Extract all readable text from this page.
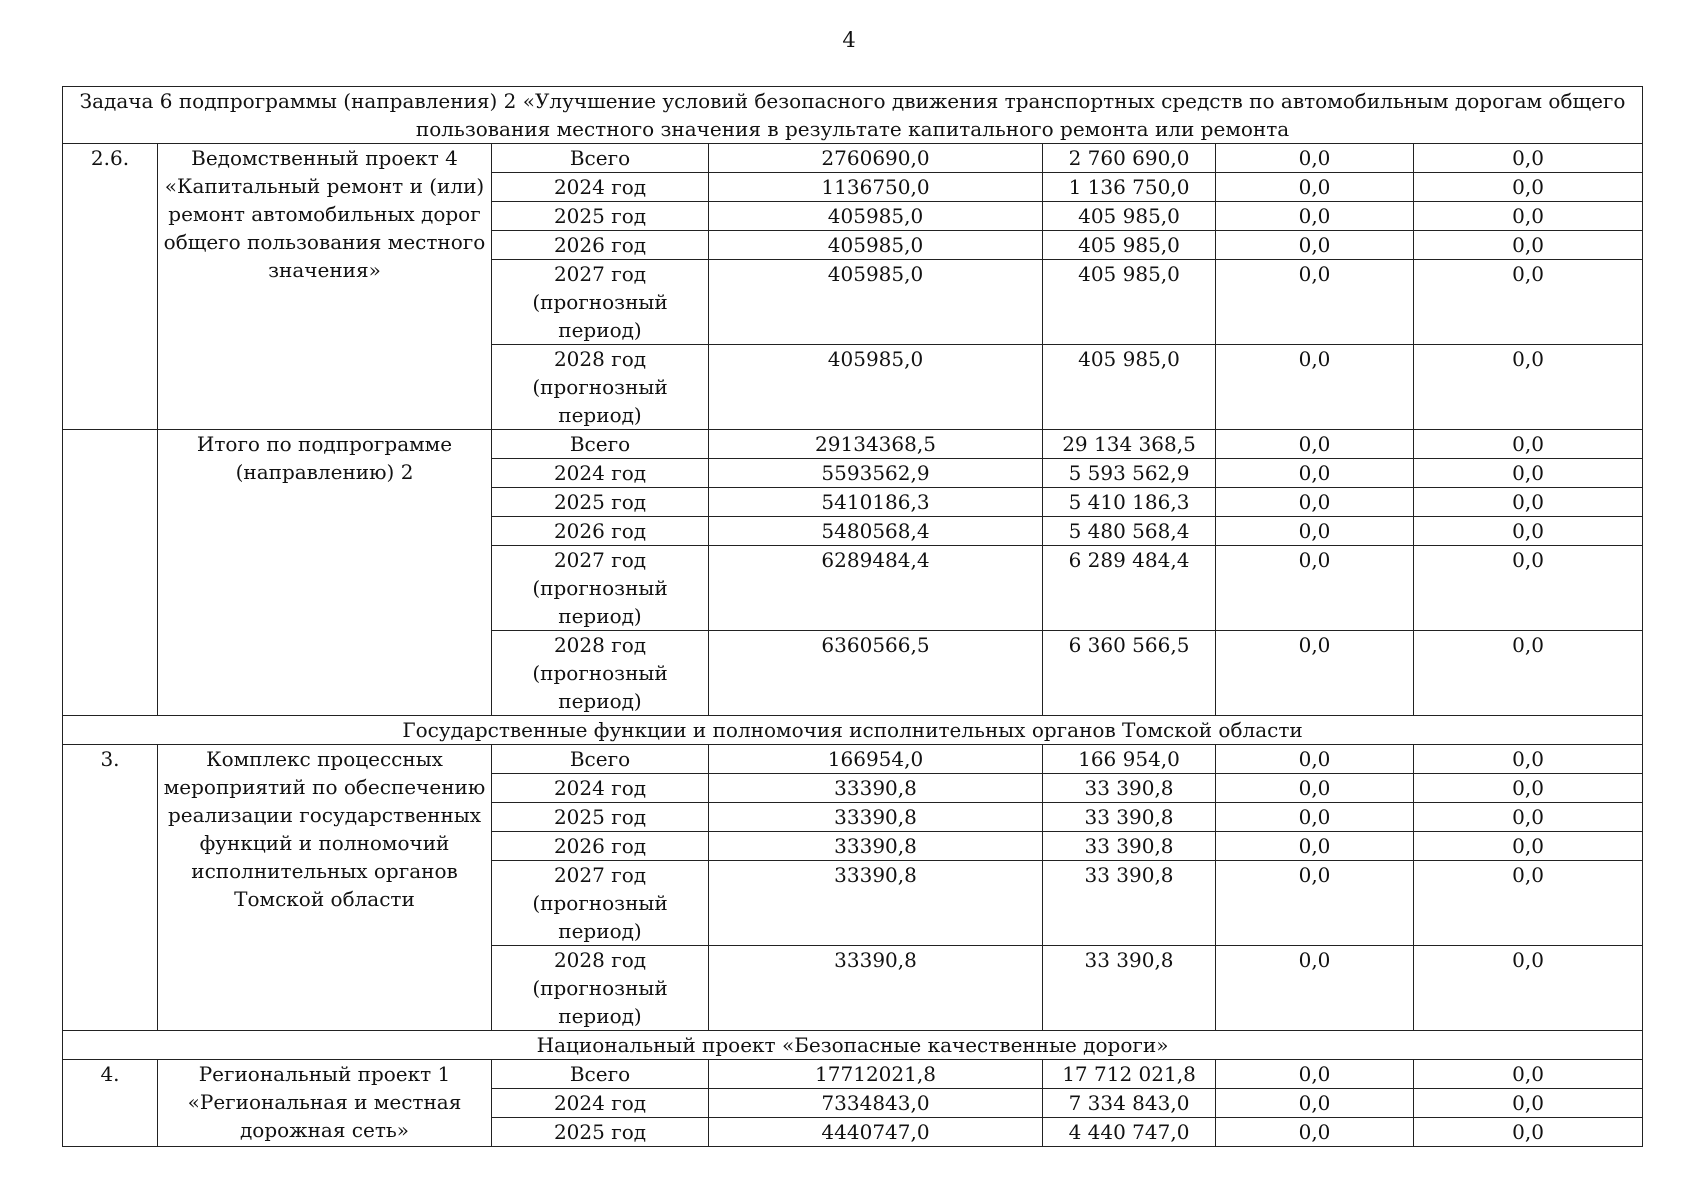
4
Задача 6 подпрограммы (направления) 2 «Улучшение условий безопасного движения транспортных средств по автомобильным дорогам общего пользования местного значения в результате капитального ремонта или ремонта						
2.6.	Ведомственный проект 4 «Капитальный ремонт и (или) ремонт автомобильных дорог общего пользования местного значения»	Всего	2760690,0	2 760 690,0	0,0	0,0
		2024 год	1136750,0	1 136 750,0	0,0	0,0
		2025 год	405985,0	405 985,0	0,0	0,0
		2026 год	405985,0	405 985,0	0,0	0,0
		2027 год
(прогнозный
период)	405985,0	405 985,0	0,0	0,0
		2028 год
(прогнозный
период)	405985,0	405 985,0	0,0	0,0
	Итого по подпрограмме (направлению) 2	Всего	29134368,5	29 134 368,5	0,0	0,0
		2024 год	5593562,9	5 593 562,9	0,0	0,0
		2025 год	5410186,3	5 410 186,3	0,0	0,0
		2026 год	5480568,4	5 480 568,4	0,0	0,0
		2027 год
(прогнозный
период)	6289484,4	6 289 484,4	0,0	0,0
		2028 год
(прогнозный
период)	6360566,5	6 360 566,5	0,0	0,0
Государственные функции и полномочия исполнительных органов Томской области						
3.	Комплекс процессных мероприятий по обеспечению реализации государственных функций и полномочий исполнительных органов Томской области	Всего	166954,0	166 954,0	0,0	0,0
		2024 год	33390,8	33 390,8	0,0	0,0
		2025 год	33390,8	33 390,8	0,0	0,0
		2026 год	33390,8	33 390,8	0,0	0,0
		2027 год
(прогнозный
период)	33390,8	33 390,8	0,0	0,0
		2028 год
(прогнозный
период)	33390,8	33 390,8	0,0	0,0
Национальный проект «Безопасные качественные дороги»						
4.	Региональный проект 1 «Региональная и местная дорожная сеть»	Всего	17712021,8	17 712 021,8	0,0	0,0
		2024 год	7334843,0	7 334 843,0	0,0	0,0
		2025 год	4440747,0	4 440 747,0	0,0	0,0
